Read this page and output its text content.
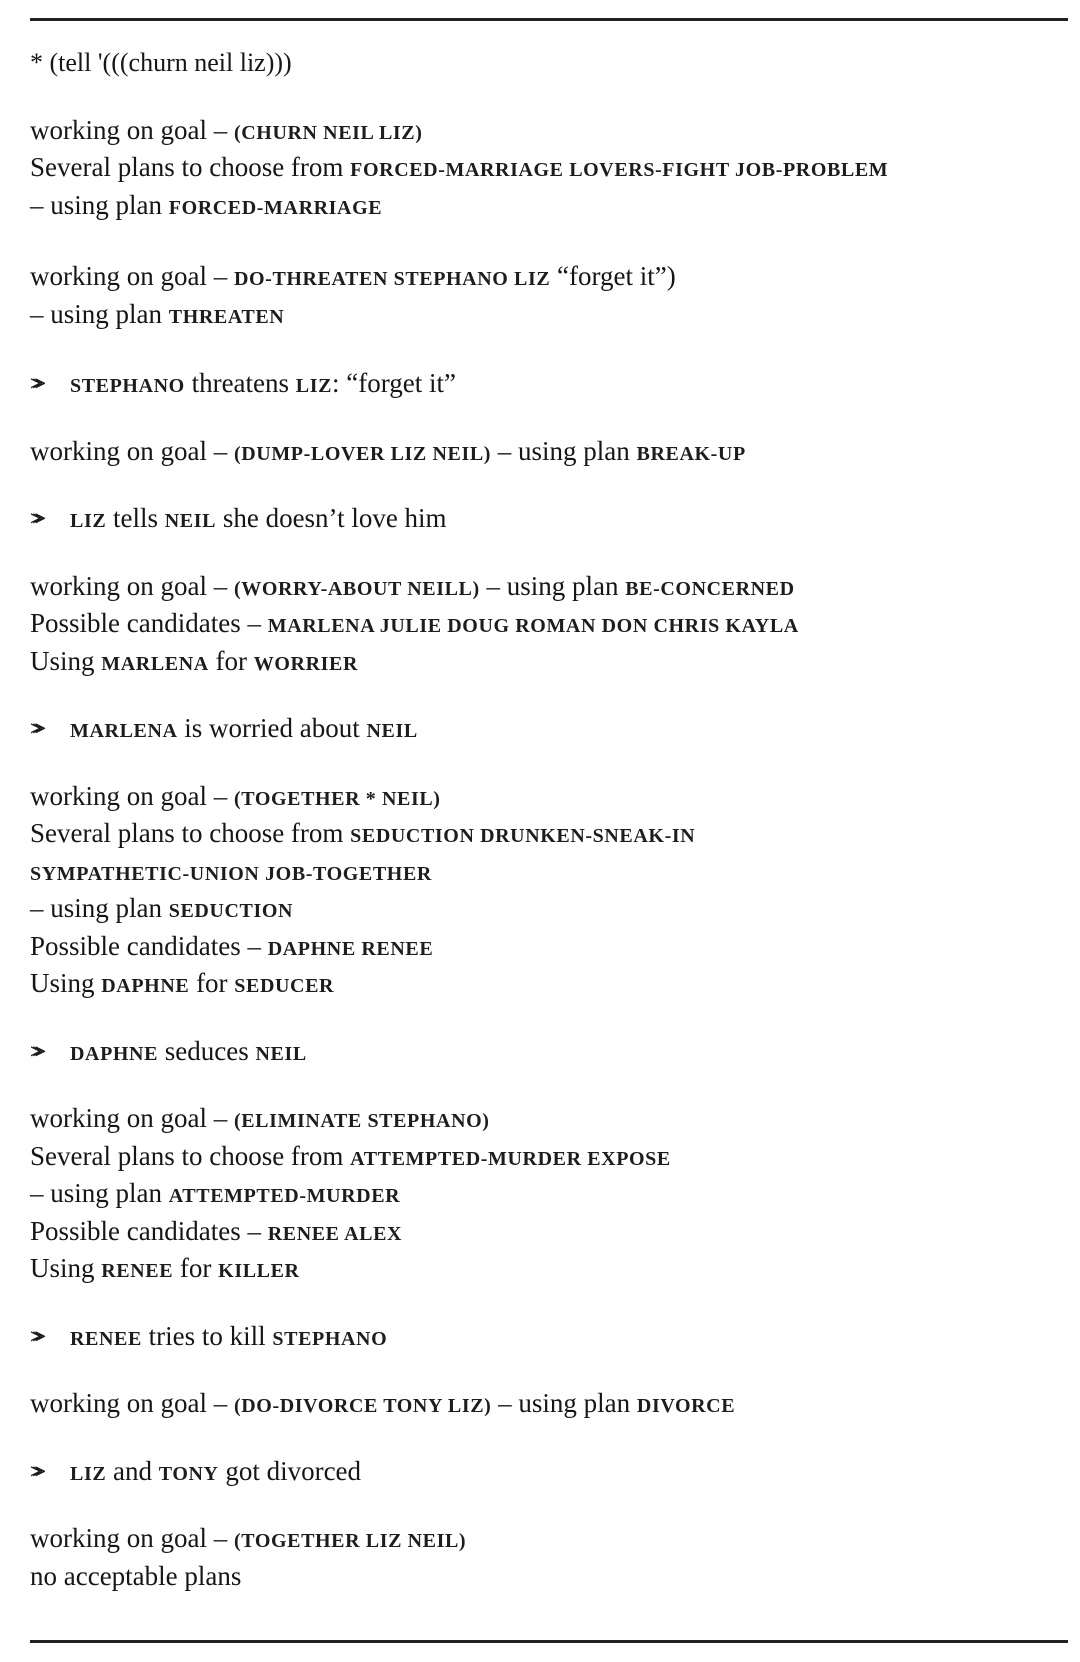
* (tell '(((churn neil liz)))
working on goal – (CHURN NEIL LIZ)
Several plans to choose from FORCED-MARRIAGE LOVERS-FIGHT JOB-PROBLEM
– using plan FORCED-MARRIAGE
working on goal – DO-THREATEN STEPHANO LIZ “forget it”)
– using plan THREATEN
>>> STEPHANO threatens LIZ: “forget it”
working on goal – (DUMP-LOVER LIZ NEIL) – using plan BREAK-UP
>>> LIZ tells NEIL she doesn’t love him
working on goal – (WORRY-ABOUT NEILL) – using plan BE-CONCERNED
Possible candidates – MARLENA JULIE DOUG ROMAN DON CHRIS KAYLA
Using MARLENA for WORRIER
>>> MARLENA is worried about NEIL
working on goal – (TOGETHER * NEIL)
Several plans to choose from SEDUCTION DRUNKEN-SNEAK-IN
SYMPATHETIC-UNION JOB-TOGETHER
– using plan SEDUCTION
Possible candidates – DAPHNE RENEE
Using DAPHNE for SEDUCER
>>> DAPHNE seduces NEIL
working on goal – (ELIMINATE STEPHANO)
Several plans to choose from ATTEMPTED-MURDER EXPOSE
– using plan ATTEMPTED-MURDER
Possible candidates – RENEE ALEX
Using RENEE for KILLER
>>> RENEE tries to kill STEPHANO
working on goal – (DO-DIVORCE TONY LIZ) – using plan DIVORCE
>>> LIZ and TONY got divorced
working on goal – (TOGETHER LIZ NEIL)
no acceptable plans
